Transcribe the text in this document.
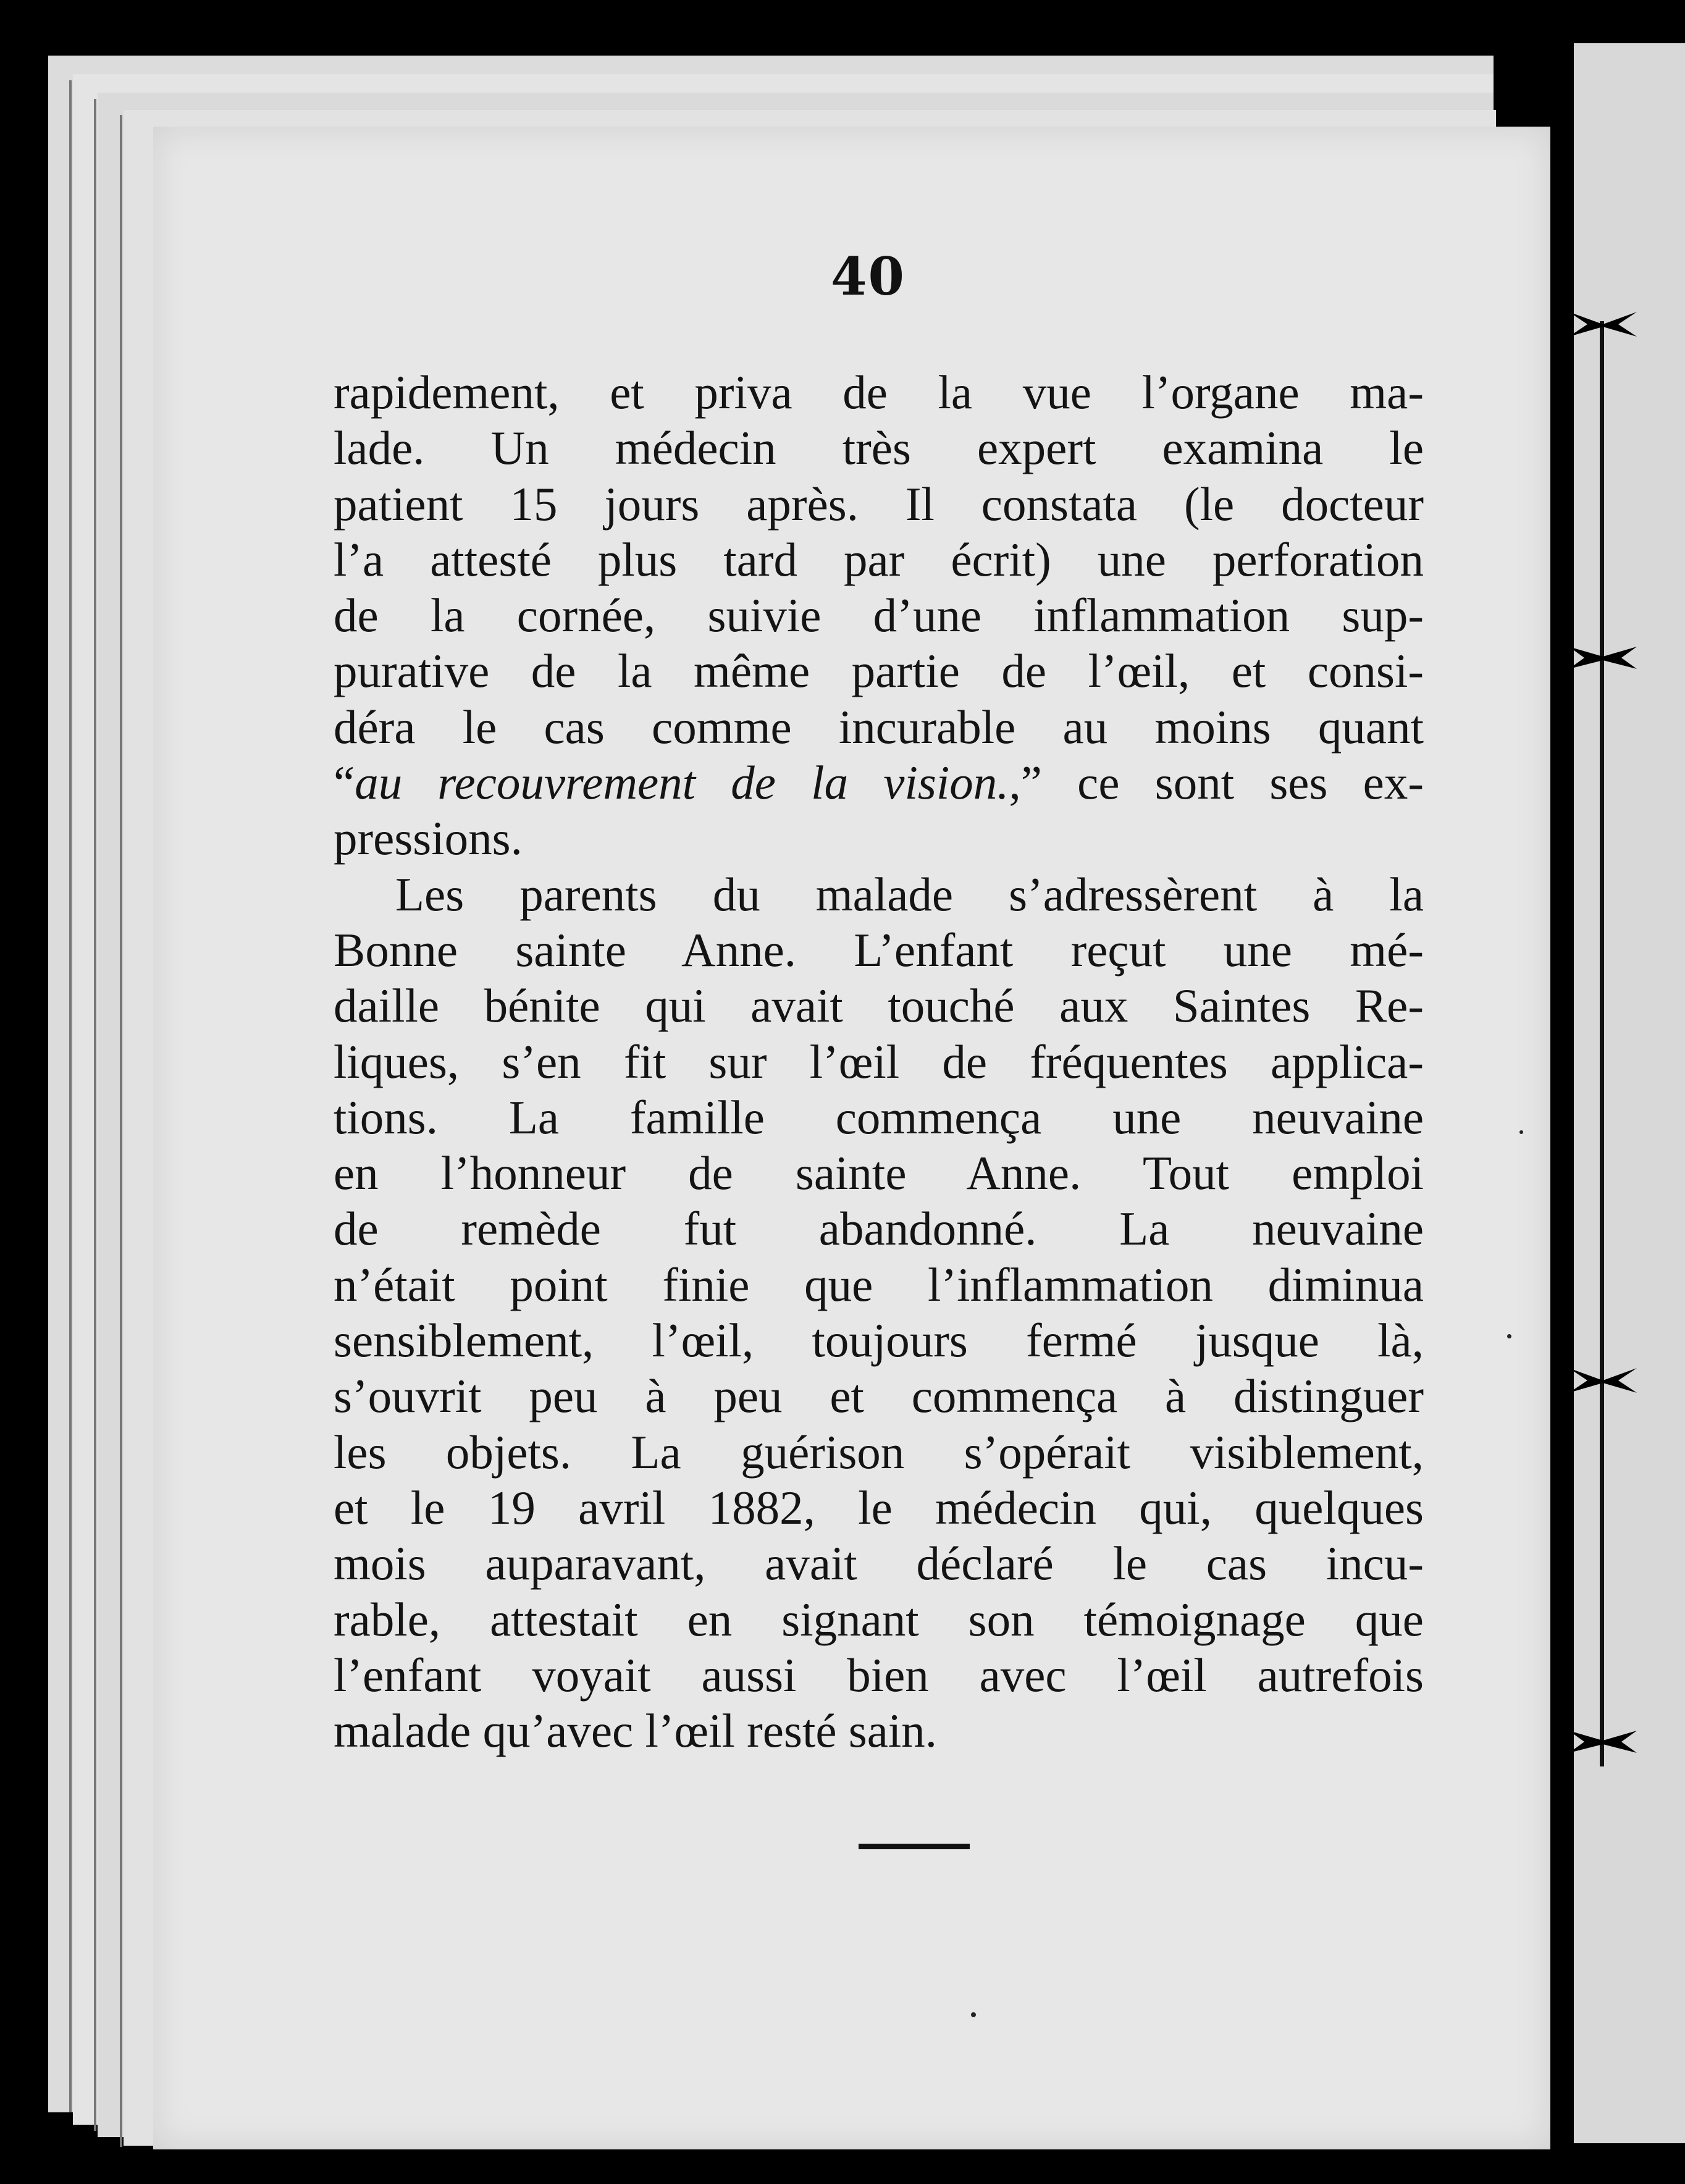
40

rapidement, et priva de la vue l’organe ma-
lade. Un médecin très expert examina le
patient 15 jours après. Il constata (le docteur
l’a attesté plus tard par écrit) une perforation
de la cornée, suivie d’une inflammation sup-
purative de la même partie de l’œil, et consi-
déra le cas comme incurable au moins quant
“au recouvrement de la vision.,” ce sont ses ex-
pressions.

Les parents du malade s’adressèrent à la
Bonne sainte Anne. L’enfant reçut une mé-
daille bénite qui avait touché aux Saintes Re-
liques, s’en fit sur l’œil de fréquentes applica-
tions. La famille commença une neuvaine
en l’honneur de sainte Anne. Tout emploi
de remède fut abandonné. La neuvaine
n’était point finie que l’inflammation diminua
sensiblement, l’œil, toujours fermé jusque là,
s’ouvrit peu à peu et commença à distinguer
les objets. La guérison s’opérait visiblement,
et le 19 avril 1882, le médecin qui, quelques
mois auparavant, avait déclaré le cas incu-
rable, attestait en signant son témoignage que
l’enfant voyait aussi bien avec l’œil autrefois
malade qu’avec l’œil resté sain.
